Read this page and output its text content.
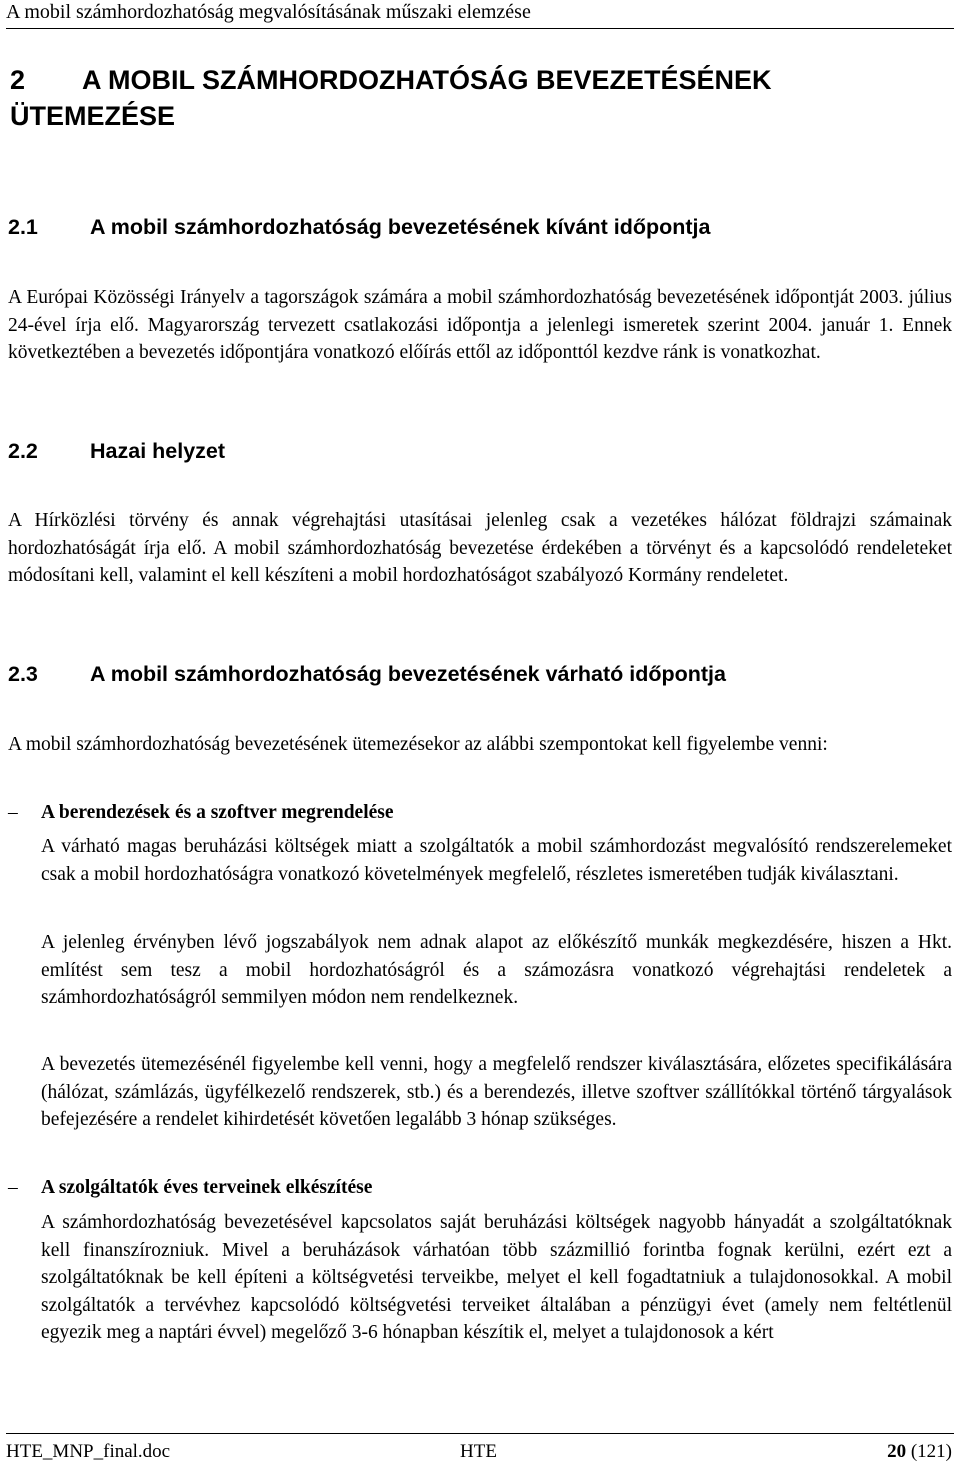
A mobil számhordozhatóság megvalósításának műszaki elemzése
2 A MOBIL SZÁMHORDOZHATÓSÁG BEVEZETÉSÉNEK
ÜTEMEZÉSE
2.1 A mobil számhordozhatóság bevezetésének kívánt időpontja
A Európai Közösségi Irányelv a tagországok számára a mobil számhordozhatóság bevezetésének időpontját 2003. július 24-ével írja elő. Magyarország tervezett csatlakozási időpontja a jelenlegi ismeretek szerint 2004. január 1. Ennek következtében a bevezetés időpontjára vonatkozó előírás ettől az időponttól kezdve ránk is vonatkozhat.
2.2 Hazai helyzet
A Hírközlési törvény és annak végrehajtási utasításai jelenleg csak a vezetékes hálózat földrajzi számainak hordozhatóságát írja elő. A mobil számhordozhatóság bevezetése érdekében a törvényt és a kapcsolódó rendeleteket módosítani kell, valamint el kell készíteni a mobil hordozhatóságot szabályozó Kormány rendeletet.
2.3 A mobil számhordozhatóság bevezetésének várható időpontja
A mobil számhordozhatóság bevezetésének ütemezésekor az alábbi szempontokat kell figyelembe venni:
– A berendezések és a szoftver megrendelése
A várható magas beruházási költségek miatt a szolgáltatók a mobil számhordozást megvalósító rendszerelemeket csak a mobil hordozhatóságra vonatkozó követelmények megfelelő, részletes ismeretében tudják kiválasztani.
A jelenleg érvényben lévő jogszabályok nem adnak alapot az előkészítő munkák megkezdésére, hiszen a Hkt. említést sem tesz a mobil hordozhatóságról és a számozásra vonatkozó végrehajtási rendeletek a számhordozhatóságról semmilyen módon nem rendelkeznek.
A bevezetés ütemezésénél figyelembe kell venni, hogy a megfelelő rendszer kiválasztására, előzetes specifikálására (hálózat, számlázás, ügyfélkezelő rendszerek, stb.) és a berendezés, illetve szoftver szállítókkal történő tárgyalások befejezésére a rendelet kihirdetését követően legalább 3 hónap szükséges.
– A szolgáltatók éves terveinek elkészítése
A számhordozhatóság bevezetésével kapcsolatos saját beruházási költségek nagyobb hányadát a szolgáltatóknak kell finanszírozniuk. Mivel a beruházások várhatóan több százmillió forintba fognak kerülni, ezért ezt a szolgáltatóknak be kell építeni a költségvetési terveikbe, melyet el kell fogadtatniuk a tulajdonosokkal. A mobil szolgáltatók a tervévhez kapcsolódó költségvetési terveiket általában a pénzügyi évet (amely nem feltétlenül egyezik meg a naptári évvel) megelőző 3-6 hónapban készítik el, melyet a tulajdonosok a kért
HTE_MNP_final.doc	HTE	20 (121)
